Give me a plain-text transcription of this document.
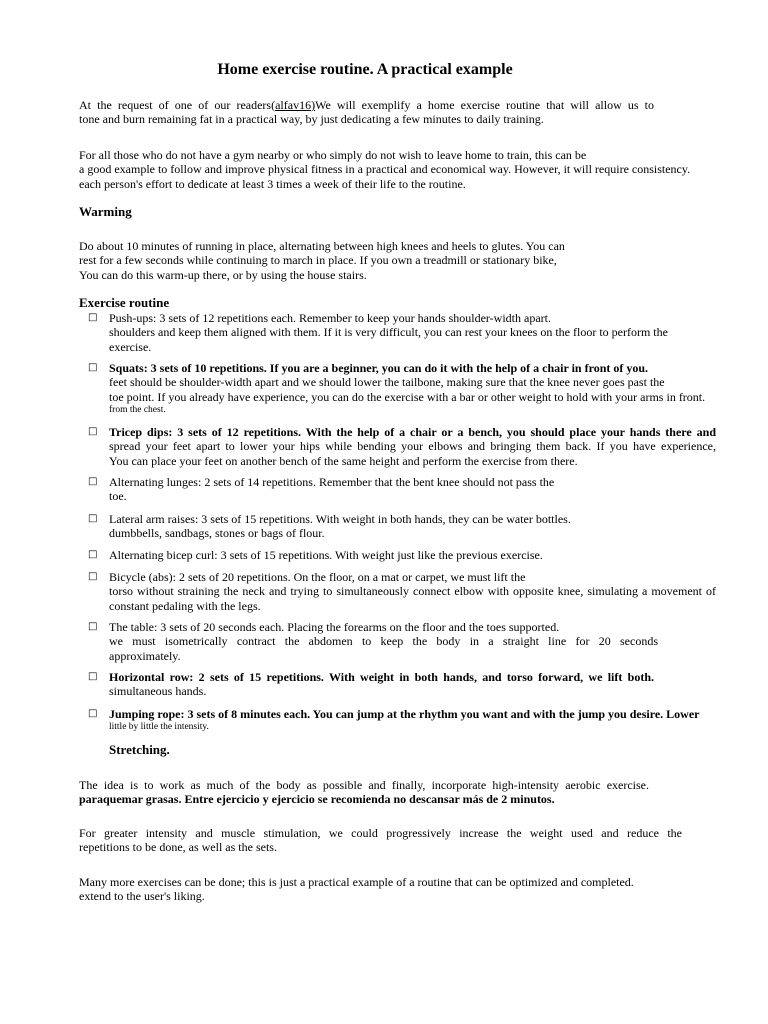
Home exercise routine. A practical example
At the request of one of our readers(alfav16)We will exemplify a home exercise routine that will allow us to
tone and burn remaining fat in a practical way, by just dedicating a few minutes to daily training.
For all those who do not have a gym nearby or who simply do not wish to leave home to train, this can be
a good example to follow and improve physical fitness in a practical and economical way. However, it will require consistency.
each person's effort to dedicate at least 3 times a week of their life to the routine.
Warming
Do about 10 minutes of running in place, alternating between high knees and heels to glutes. You can
rest for a few seconds while continuing to march in place. If you own a treadmill or stationary bike,
You can do this warm-up there, or by using the house stairs.
Exercise routine
□ Push-ups: 3 sets of 12 repetitions each. Remember to keep your hands shoulder-width apart.
shoulders and keep them aligned with them. If it is very difficult, you can rest your knees on the floor to perform the
exercise.
□ Squats: 3 sets of 10 repetitions. If you are a beginner, you can do it with the help of a chair in front of you.
feet should be shoulder-width apart and we should lower the tailbone, making sure that the knee never goes past the
toe point. If you already have experience, you can do the exercise with a bar or other weight to hold with your arms in front.
from the chest.
□ Tricep dips: 3 sets of 12 repetitions. With the help of a chair or a bench, you should place your hands there and
spread your feet apart to lower your hips while bending your elbows and bringing them back. If you have experience,
You can place your feet on another bench of the same height and perform the exercise from there.
□ Alternating lunges: 2 sets of 14 repetitions. Remember that the bent knee should not pass the
toe.
□ Lateral arm raises: 3 sets of 15 repetitions. With weight in both hands, they can be water bottles.
dumbbells, sandbags, stones or bags of flour.
□ Alternating bicep curl: 3 sets of 15 repetitions. With weight just like the previous exercise.
□ Bicycle (abs): 2 sets of 20 repetitions. On the floor, on a mat or carpet, we must lift the
torso without straining the neck and trying to simultaneously connect elbow with opposite knee, simulating a movement of
constant pedaling with the legs.
□ The table: 3 sets of 20 seconds each. Placing the forearms on the floor and the toes supported.
we must isometrically contract the abdomen to keep the body in a straight line for 20 seconds
approximately.
□ Horizontal row: 2 sets of 15 repetitions. With weight in both hands, and torso forward, we lift both.
simultaneous hands.
□ Jumping rope: 3 sets of 8 minutes each. You can jump at the rhythm you want and with the jump you desire. Lower
little by little the intensity.
Stretching.
The idea is to work as much of the body as possible and finally, incorporate high-intensity aerobic exercise.
paraquemar grasas. Entre ejercicio y ejercicio se recomienda no descansar más de 2 minutos.
For greater intensity and muscle stimulation, we could progressively increase the weight used and reduce the
repetitions to be done, as well as the sets.
Many more exercises can be done; this is just a practical example of a routine that can be optimized and completed.
extend to the user's liking.
